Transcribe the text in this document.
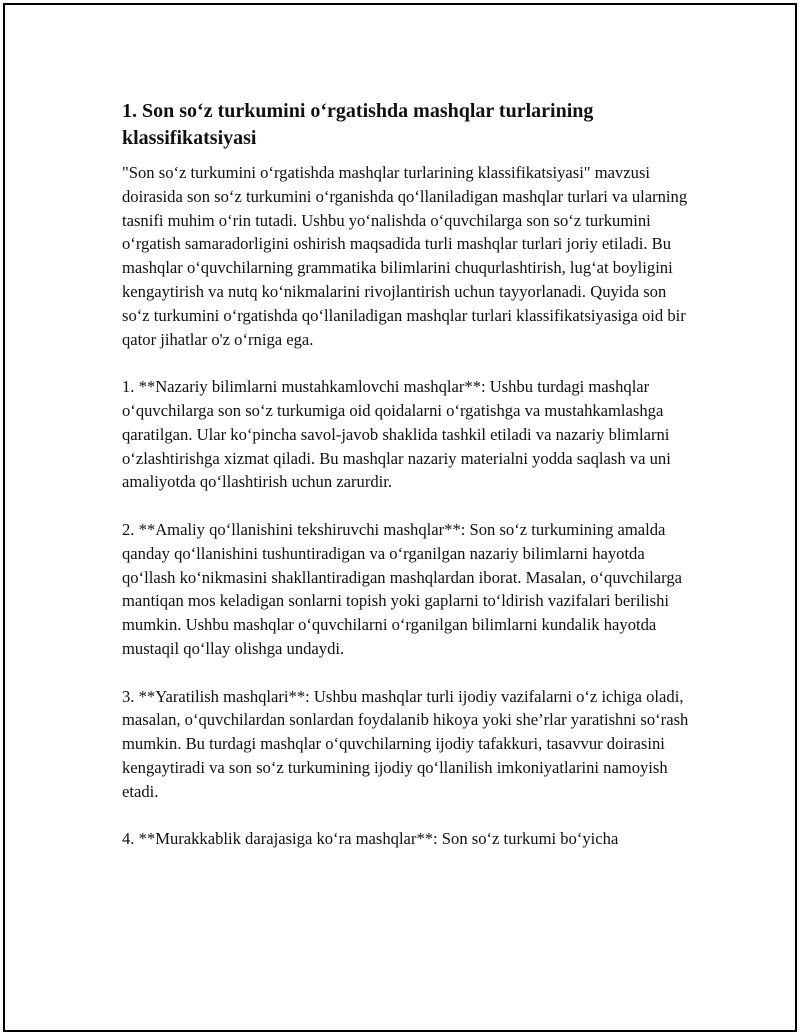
1. Son so‘z turkumini o‘rgatishda mashqlar turlarining klassifikatsiyasi

"Son so‘z turkumini o‘rgatishda mashqlar turlarining klassifikatsiyasi" mavzusi doirasida son so‘z turkumini o‘rganishda qo‘llaniladigan mashqlar turlari va ularning tasnifi muhim o‘rin tutadi. Ushbu yo‘nalishda o‘quvchilarga son so‘z turkumini o‘rgatish samaradorligini oshirish maqsadida turli mashqlar turlari joriy etiladi. Bu mashqlar o‘quvchilarning grammatika bilimlarini chuqurlashtirish, lug‘at boyligini kengaytirish va nutq ko‘nikmalarini rivojlantirish uchun tayyorlanadi. Quyida son so‘z turkumini o‘rgatishda qo‘llaniladigan mashqlar turlari klassifikatsiyasiga oid bir qator jihatlar o'z o‘rniga ega.

1. **Nazariy bilimlarni mustahkamlovchi mashqlar**: Ushbu turdagi mashqlar o‘quvchilarga son so‘z turkumiga oid qoidalarni o‘rgatishga va mustahkamlashga qaratilgan. Ular ko‘pincha savol-javob shaklida tashkil etiladi va nazariy blimlarni o‘zlashtirishga xizmat qiladi. Bu mashqlar nazariy materialni yodda saqlash va uni amaliyotda qo‘llashtirish uchun zarurdir.

2. **Amaliy qo‘llanishini tekshiruvchi mashqlar**: Son so‘z turkumining amalda qanday qo‘llanishini tushuntiradigan va o‘rganilgan nazariy bilimlarni hayotda qo‘llash ko‘nikmasini shakllantiradigan mashqlardan iborat. Masalan, o‘quvchilarga mantiqan mos keladigan sonlarni topish yoki gaplarni to‘ldirish vazifalari berilishi mumkin. Ushbu mashqlar o‘quvchilarni o‘rganilgan bilimlarni kundalik hayotda mustaqil qo‘llay olishga undaydi.

3. **Yaratilish mashqlari**: Ushbu mashqlar turli ijodiy vazifalarni o‘z ichiga oladi, masalan, o‘quvchilardan sonlardan foydalanib hikoya yoki she’rlar yaratishni so‘rash mumkin. Bu turdagi mashqlar o‘quvchilarning ijodiy tafakkuri, tasavvur doirasini kengaytiradi va son so‘z turkumining ijodiy qo‘llanilish imkoniyatlarini namoyish etadi.

4. **Murakkablik darajasiga ko‘ra mashqlar**: Son so‘z turkumi bo‘yicha
